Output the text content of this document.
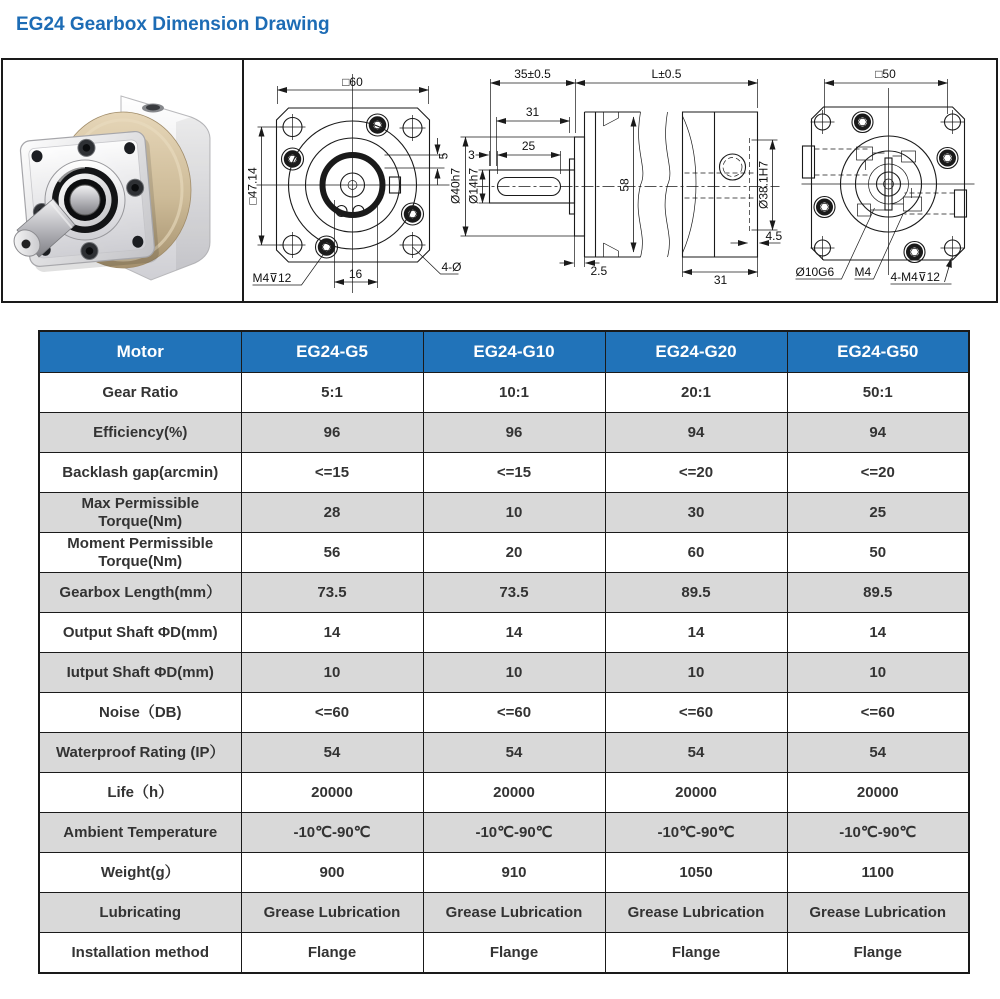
EG24 Gearbox Dimension Drawing
□60
□47.14
5
16
M4⊽12
4-Ø
35±0.5	L±0.5
31
3
25
Ø40h7 Ø14h7	58	Ø38.1H7
4.5
2.5
31
□50
Ø10G6 M4 4-M4⊽12
Motor	EG24-G5	EG24-G10	EG24-G20	EG24-G50
Gear Ratio	5:1	10:1	20:1	50:1
Efficiency(%)	96	96	94	94
Backlash gap(arcmin)	<=15	<=15	<=20	<=20
Max Permissible Torque(Nm)	28	10	30	25
Moment Permissible Torque(Nm)	56	20	60	50
Gearbox Length(mm）	73.5	73.5	89.5	89.5
Output Shaft ΦD(mm)	14	14	14	14
Iutput Shaft ΦD(mm)	10	10	10	10
Noise（DB)	<=60	<=60	<=60	<=60
Waterproof Rating (IP）	54	54	54	54
Life（h）	20000	20000	20000	20000
Ambient Temperature	-10℃-90℃	-10℃-90℃	-10℃-90℃	-10℃-90℃
Weight(g）	900	910	1050	1100
Lubricating	Grease Lubrication	Grease Lubrication	Grease Lubrication	Grease Lubrication
Installation method	Flange	Flange	Flange	Flange
